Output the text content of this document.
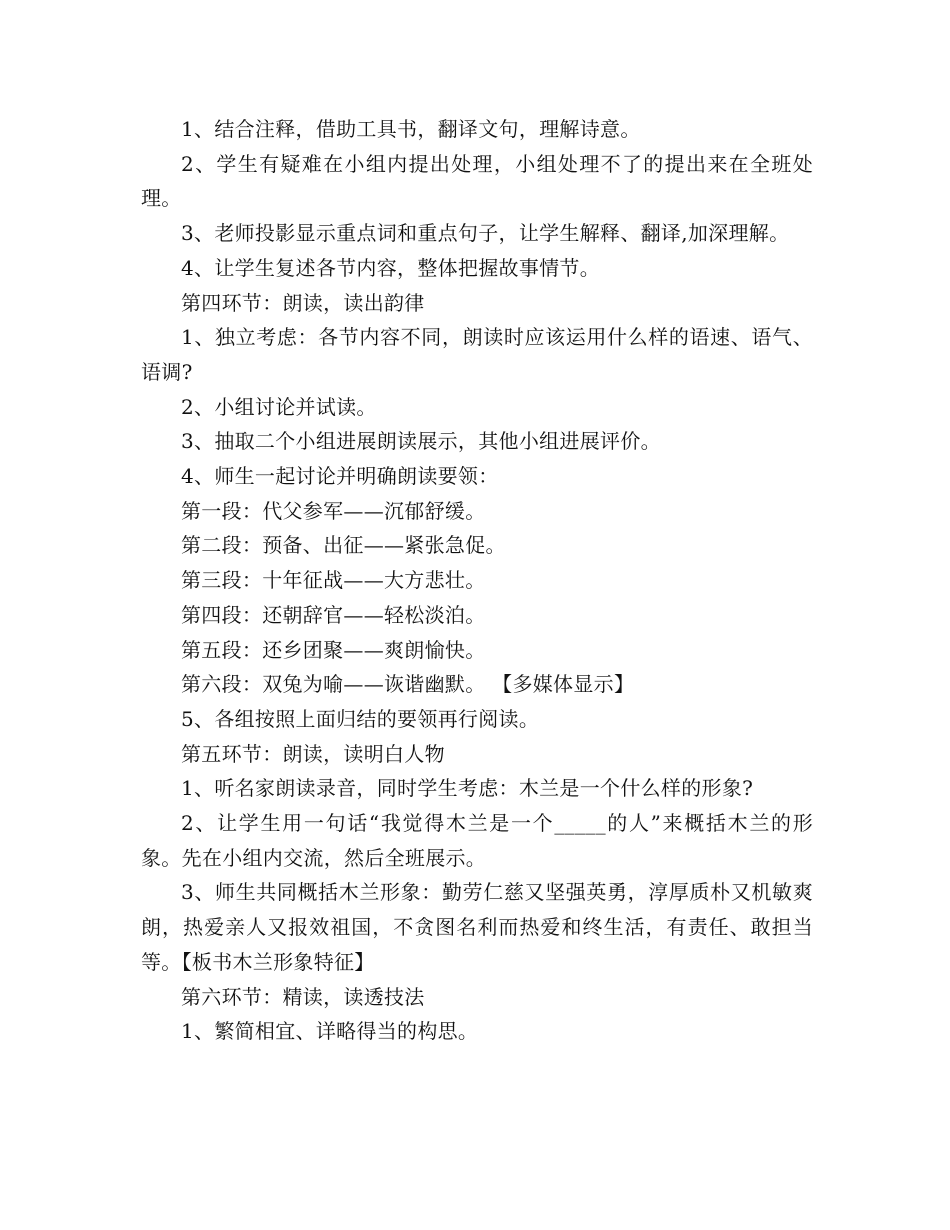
1、结合注释，借助工具书，翻译文句，理解诗意。

2、学生有疑难在小组内提出处理，小组处理不了的提出来在全班处理。

3、老师投影显示重点词和重点句子，让学生解释、翻译,加深理解。

4、让学生复述各节内容，整体把握故事情节。

第四环节：朗读，读出韵律

1、独立考虑：各节内容不同，朗读时应该运用什么样的语速、语气、语调?

2、小组讨论并试读。

3、抽取二个小组进展朗读展示，其他小组进展评价。

4、师生一起讨论并明确朗读要领：

第一段：代父参军——沉郁舒缓。

第二段：预备、出征——紧张急促。

第三段：十年征战——大方悲壮。

第四段：还朝辞官——轻松淡泊。

第五段：还乡团聚——爽朗愉快。

第六段：双兔为喻——诙谐幽默。 【多媒体显示】

5、各组按照上面归结的要领再行阅读。

第五环节：朗读，读明白人物

1、听名家朗读录音，同时学生考虑：木兰是一个什么样的形象?

2、让学生用一句话“我觉得木兰是一个_____的人”来概括木兰的形象。先在小组内交流，然后全班展示。

3、师生共同概括木兰形象：勤劳仁慈又坚强英勇，淳厚质朴又机敏爽朗，热爱亲人又报效祖国，不贪图名利而热爱和终生活，有责任、敢担当等。【板书木兰形象特征】

第六环节：精读，读透技法

1、繁简相宜、详略得当的构思。
